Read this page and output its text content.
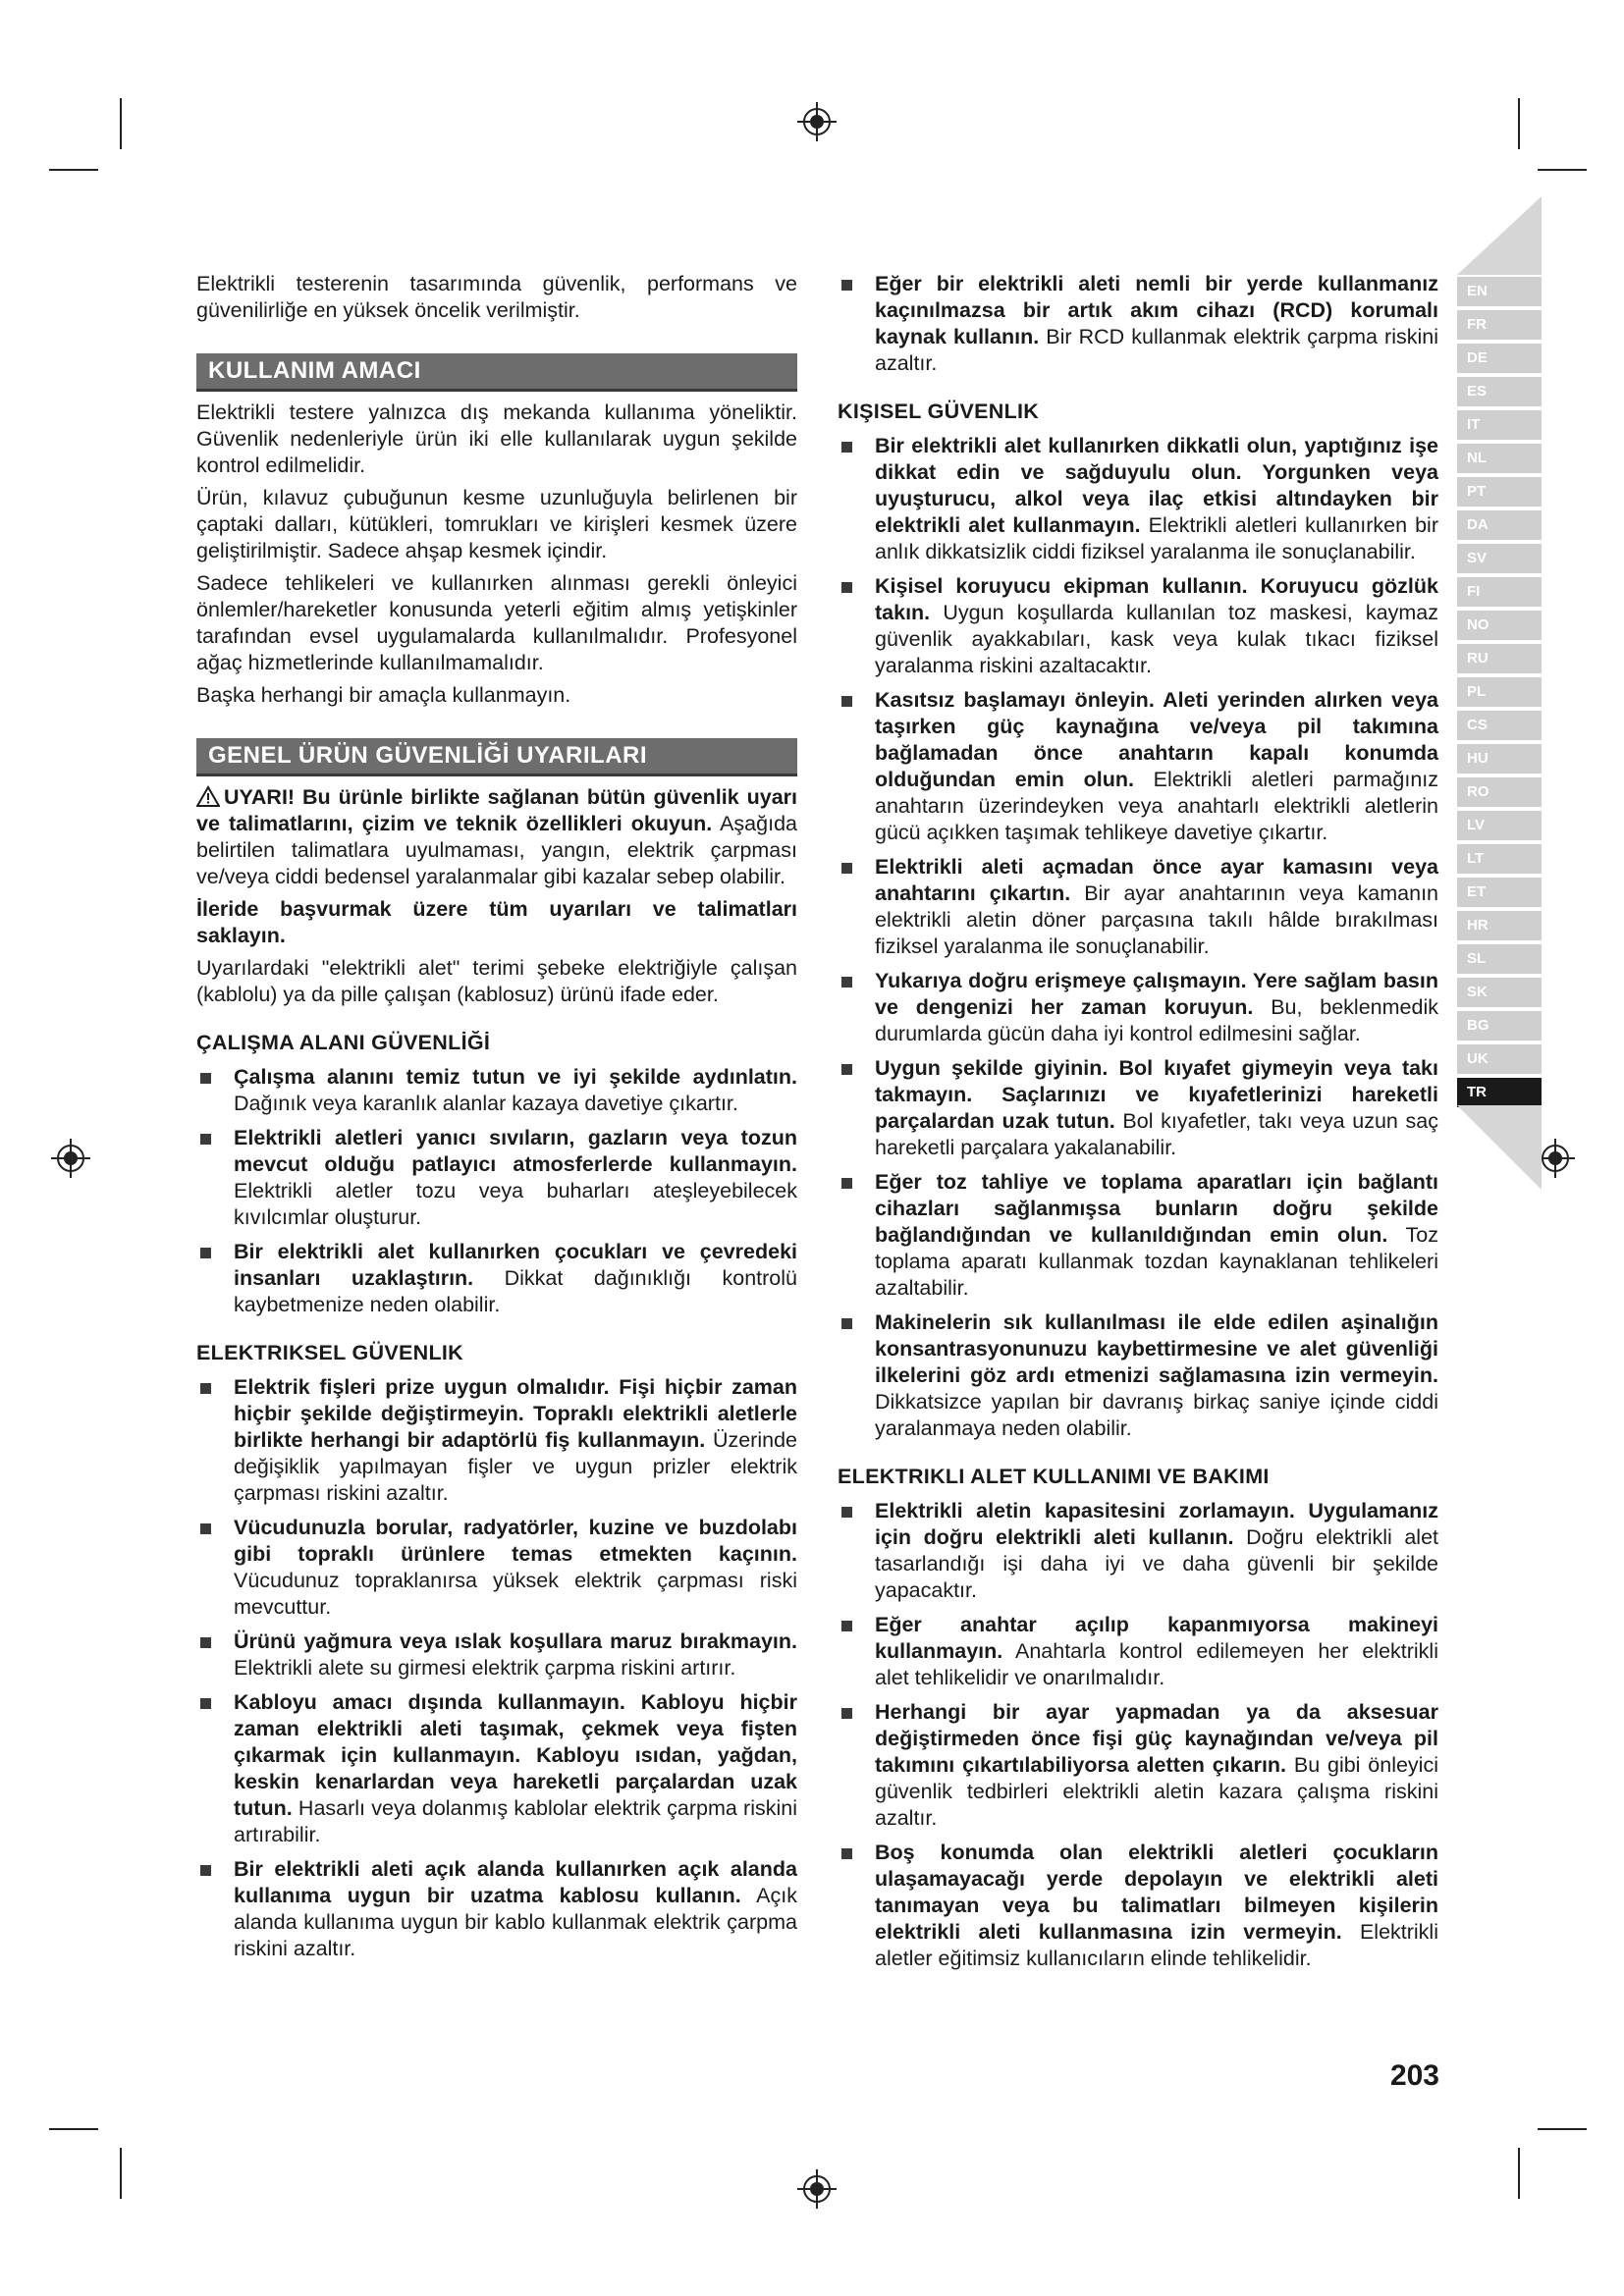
Elektrikli testerenin tasarımında güvenlik, performans ve güvenilirliğe en yüksek öncelik verilmiştir.

KULLANIM AMACI

Elektrikli testere yalnızca dış mekanda kullanıma yöneliktir. Güvenlik nedenleriyle ürün iki elle kullanılarak uygun şekilde kontrol edilmelidir.

Ürün, kılavuz çubuğunun kesme uzunluğuyla belirlenen bir çaptaki dalları, kütükleri, tomrukları ve kirişleri kesmek üzere geliştirilmiştir. Sadece ahşap kesmek içindir.

Sadece tehlikeleri ve kullanırken alınması gerekli önleyici önlemler/hareketler konusunda yeterli eğitim almış yetişkinler tarafından evsel uygulamalarda kullanılmalıdır. Profesyonel ağaç hizmetlerinde kullanılmamalıdır.

Başka herhangi bir amaçla kullanmayın.

GENEL ÜRÜN GÜVENLİĞİ UYARILARI

UYARI! Bu ürünle birlikte sağlanan bütün güvenlik uyarı ve talimatlarını, çizim ve teknik özellikleri okuyun. Aşağıda belirtilen talimatlara uyulmaması, yangın, elektrik çarpması ve/veya ciddi bedensel yaralanmalar gibi kazalar sebep olabilir.

İleride başvurmak üzere tüm uyarıları ve talimatları saklayın.

Uyarılardaki "elektrikli alet" terimi şebeke elektriğiyle çalışan (kablolu) ya da pille çalışan (kablosuz) ürünü ifade eder.

ÇALIŞMA ALANI GÜVENLİĞİ
Çalışma alanını temiz tutun ve iyi şekilde aydınlatın. Dağınık veya karanlık alanlar kazaya davetiye çıkartır.
Elektrikli aletleri yanıcı sıvıların, gazların veya tozun mevcut olduğu patlayıcı atmosferlerde kullanmayın. Elektrikli aletler tozu veya buharları ateşleyebilecek kıvılcımlar oluşturur.
Bir elektrikli alet kullanırken çocukları ve çevredeki insanları uzaklaştırın. Dikkat dağınıklığı kontrolü kaybetmenize neden olabilir.
ELEKTRIKSEL GÜVENLIK
Elektrik fişleri prize uygun olmalıdır. Fişi hiçbir zaman hiçbir şekilde değiştirmeyin. Topraklı elektrikli aletlerle birlikte herhangi bir adaptörlü fiş kullanmayın. Üzerinde değişiklik yapılmayan fişler ve uygun prizler elektrik çarpması riskini azaltır.
Vücudunuzla borular, radyatörler, kuzine ve buzdolabı gibi topraklı ürünlere temas etmekten kaçının. Vücudunuz topraklanırsa yüksek elektrik çarpması riski mevcuttur.
Ürünü yağmura veya ıslak koşullara maruz bırakmayın. Elektrikli alete su girmesi elektrik çarpma riskini artırır.
Kabloyu amacı dışında kullanmayın. Kabloyu hiçbir zaman elektrikli aleti taşımak, çekmek veya fişten çıkarmak için kullanmayın. Kabloyu ısıdan, yağdan, keskin kenarlardan veya hareketli parçalardan uzak tutun. Hasarlı veya dolanmış kablolar elektrik çarpma riskini artırabilir.
Bir elektrikli aleti açık alanda kullanırken açık alanda kullanıma uygun bir uzatma kablosu kullanın. Açık alanda kullanıma uygun bir kablo kullanmak elektrik çarpma riskini azaltır.
Eğer bir elektrikli aleti nemli bir yerde kullanmanız kaçınılmazsa bir artık akım cihazı (RCD) korumalı kaynak kullanın. Bir RCD kullanmak elektrik çarpma riskini azaltır.
KIŞISEL GÜVENLIK
Bir elektrikli alet kullanırken dikkatli olun, yaptığınız işe dikkat edin ve sağduyulu olun. Yorgunken veya uyuşturucu, alkol veya ilaç etkisi altındayken bir elektrikli alet kullanmayın. Elektrikli aletleri kullanırken bir anlık dikkatsizlik ciddi fiziksel yaralanma ile sonuçlanabilir.
Kişisel koruyucu ekipman kullanın. Koruyucu gözlük takın. Uygun koşullarda kullanılan toz maskesi, kaymaz güvenlik ayakkabıları, kask veya kulak tıkacı fiziksel yaralanma riskini azaltacaktır.
Kasıtsız başlamayı önleyin. Aleti yerinden alırken veya taşırken güç kaynağına ve/veya pil takımına bağlamadan önce anahtarın kapalı konumda olduğundan emin olun. Elektrikli aletleri parmağınız anahtarın üzerindeyken veya anahtarlı elektrikli aletlerin gücü açıkken taşımak tehlikeye davetiye çıkartır.
Elektrikli aleti açmadan önce ayar kamasını veya anahtarını çıkartın. Bir ayar anahtarının veya kamanın elektrikli aletin döner parçasına takılı hâlde bırakılması fiziksel yaralanma ile sonuçlanabilir.
Yukarıya doğru erişmeye çalışmayın. Yere sağlam basın ve dengenizi her zaman koruyun. Bu, beklenmedik durumlarda gücün daha iyi kontrol edilmesini sağlar.
Uygun şekilde giyinin. Bol kıyafet giymeyin veya takı takmayın. Saçlarınızı ve kıyafetlerinizi hareketli parçalardan uzak tutun. Bol kıyafetler, takı veya uzun saç hareketli parçalara yakalanabilir.
Eğer toz tahliye ve toplama aparatları için bağlantı cihazları sağlanmışsa bunların doğru şekilde bağlandığından ve kullanıldığından emin olun. Toz toplama aparatı kullanmak tozdan kaynaklanan tehlikeleri azaltabilir.
Makinelerin sık kullanılması ile elde edilen aşinalığın konsantrasyonunuzu kaybettirmesine ve alet güvenliği ilkelerini göz ardı etmenizi sağlamasına izin vermeyin. Dikkatsizce yapılan bir davranış birkaç saniye içinde ciddi yaralanmaya neden olabilir.
ELEKTRIKLI ALET KULLANIMI VE BAKIMI
Elektrikli aletin kapasitesini zorlamayın. Uygulamanız için doğru elektrikli aleti kullanın. Doğru elektrikli alet tasarlandığı işi daha iyi ve daha güvenli bir şekilde yapacaktır.
Eğer anahtar açılıp kapanmıyorsa makineyi kullanmayın. Anahtarla kontrol edilemeyen her elektrikli alet tehlikelidir ve onarılmalıdır.
Herhangi bir ayar yapmadan ya da aksesuar değiştirmeden önce fişi güç kaynağından ve/veya pil takımını çıkartılabiliyorsa aletten çıkarın. Bu gibi önleyici güvenlik tedbirleri elektrikli aletin kazara çalışma riskini azaltır.
Boş konumda olan elektrikli aletleri çocukların ulaşamayacağı yerde depolayın ve elektrikli aleti tanımayan veya bu talimatları bilmeyen kişilerin elektrikli aleti kullanmasına izin vermeyin. Elektrikli aletler eğitimsiz kullanıcıların elinde tehlikelidir.
EN
FR
DE
ES
IT
NL
PT
DA
SV
FI
NO
RU
PL
CS
HU
RO
LV
LT
ET
HR
SL
SK
BG
UK
TR
203
